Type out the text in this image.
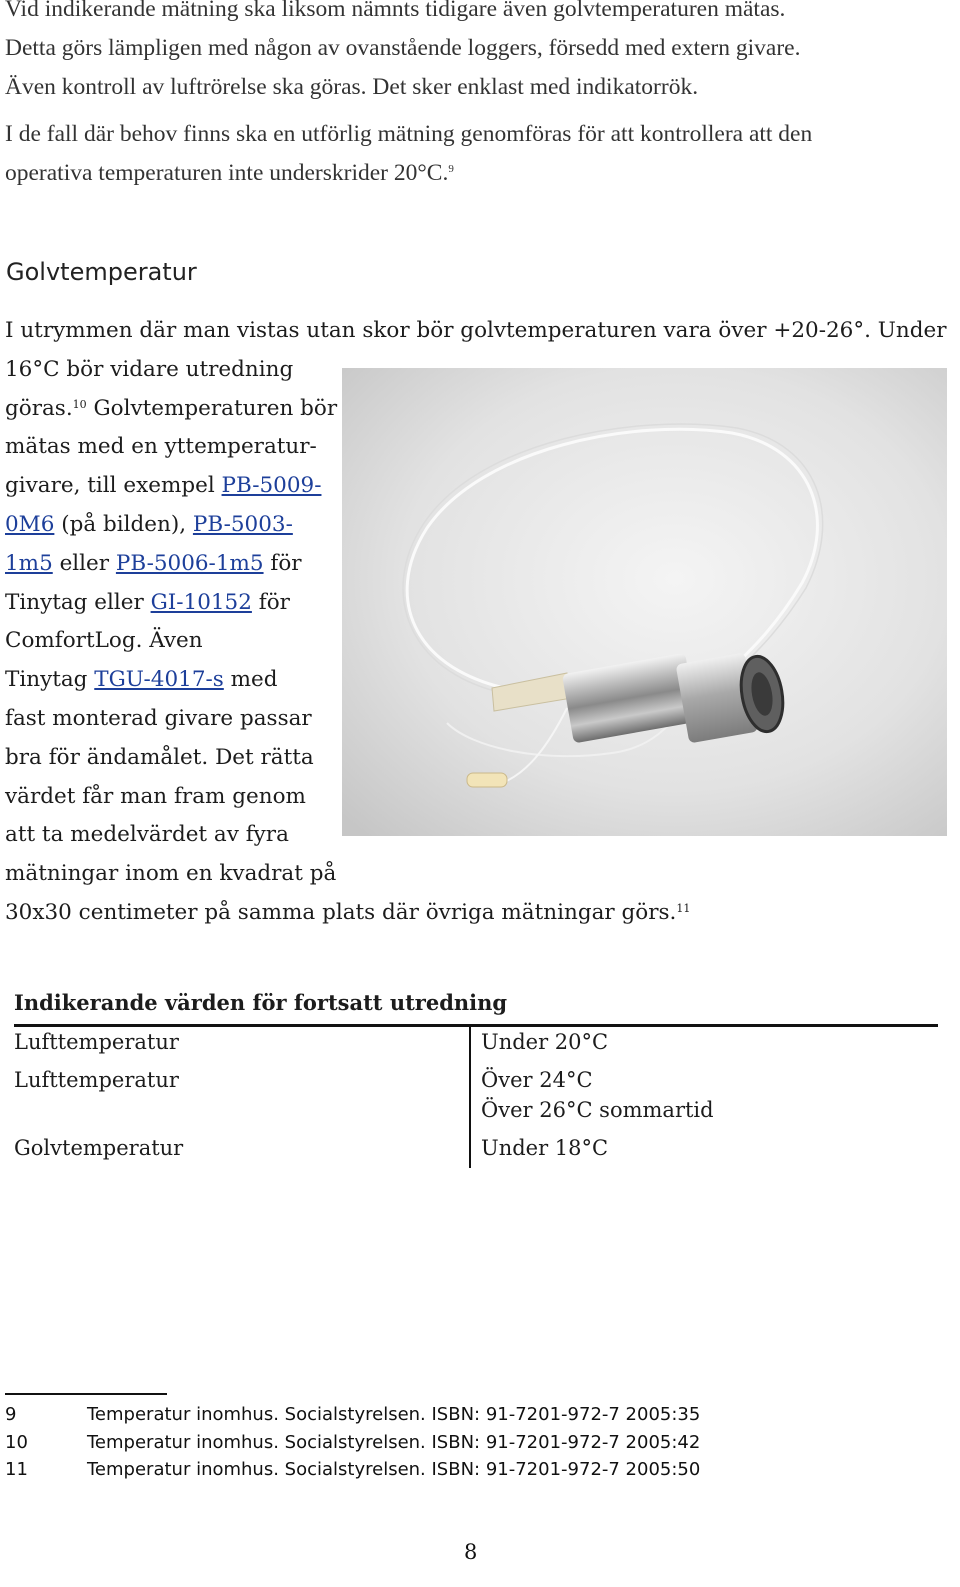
Vid indikerande mätning ska liksom nämnts tidigare även golvtemperaturen mätas.
Detta görs lämpligen med någon av ovanstående loggers, försedd med extern givare.
Även kontroll av luftrörelse ska göras. Det sker enklast med indikatorrök.

I de fall där behov finns ska en utförlig mätning genomföras för att kontrollera att den
operativa temperaturen inte underskrider 20°C.$^9$

Golvtemperatur
I utrymmen där man vistas utan skor bör golvtemperaturen vara över +20-26°. Under
16°C bör vidare utredning
göras.$^{10}$ Golvtemperaturen bör
mätas med en yttemperatur-
givare, till exempel PB-5009-
0M6 (på bilden), PB-5003-
1m5 eller PB-5006-1m5 för
Tinytag eller GI-10152 för
ComfortLog. Även
Tinytag TGU-4017-s med
fast monterad givare passar
bra för ändamålet. Det rätta
värdet får man fram genom
att ta medelvärdet av fyra
mätningar inom en kvadrat på
30x30 centimeter på samma plats där övriga mätningar görs.$^{11}$
Indikerande värden för fortsatt utredning
Lufttemperatur	Under 20°C
Lufttemperatur	Över 24°C
Över 26°C sommartid
Golvtemperatur	Under 18°C
9	Temperatur inomhus. Socialstyrelsen. ISBN: 91-7201-972-7 2005:35
10	Temperatur inomhus. Socialstyrelsen. ISBN: 91-7201-972-7 2005:42
11	Temperatur inomhus. Socialstyrelsen. ISBN: 91-7201-972-7 2005:50
8
